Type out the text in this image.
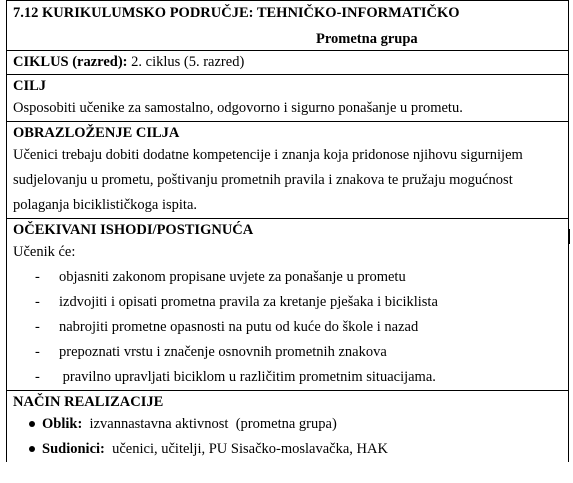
7.12 KURIKULUMSKO PODRUČJE: TEHNIČKO-INFORMATIČKO
Prometna grupa
CIKLUS (razred): 2. ciklus (5. razred)
CILJ
Osposobiti učenike za samostalno, odgovorno i sigurno ponašanje u prometu.
OBRAZLOŽENJE CILJA
Učenici trebaju dobiti dodatne kompetencije i znanja koja pridonose njihovu sigurnijem
sudjelovanju u prometu, poštivanju prometnih pravila i znakova te pružaju mogućnost
polaganja biciklističkoga ispita.
OČEKIVANI ISHODI/POSTIGNUĆA
Učenik će:
- objasniti zakonom propisane uvjete za ponašanje u prometu
- izdvojiti i opisati prometna pravila za kretanje pješaka i biciklista
- nabrojiti prometne opasnosti na putu od kuće do škole i nazad
- prepoznati vrstu i značenje osnovnih prometnih znakova
- pravilno upravljati biciklom u različitim prometnim situacijama.
NAČIN REALIZACIJE
Oblik:  izvannastavna aktivnost  (prometna grupa)
Sudionici:  učenici, učitelji, PU Sisačko-moslavačka, HAK
